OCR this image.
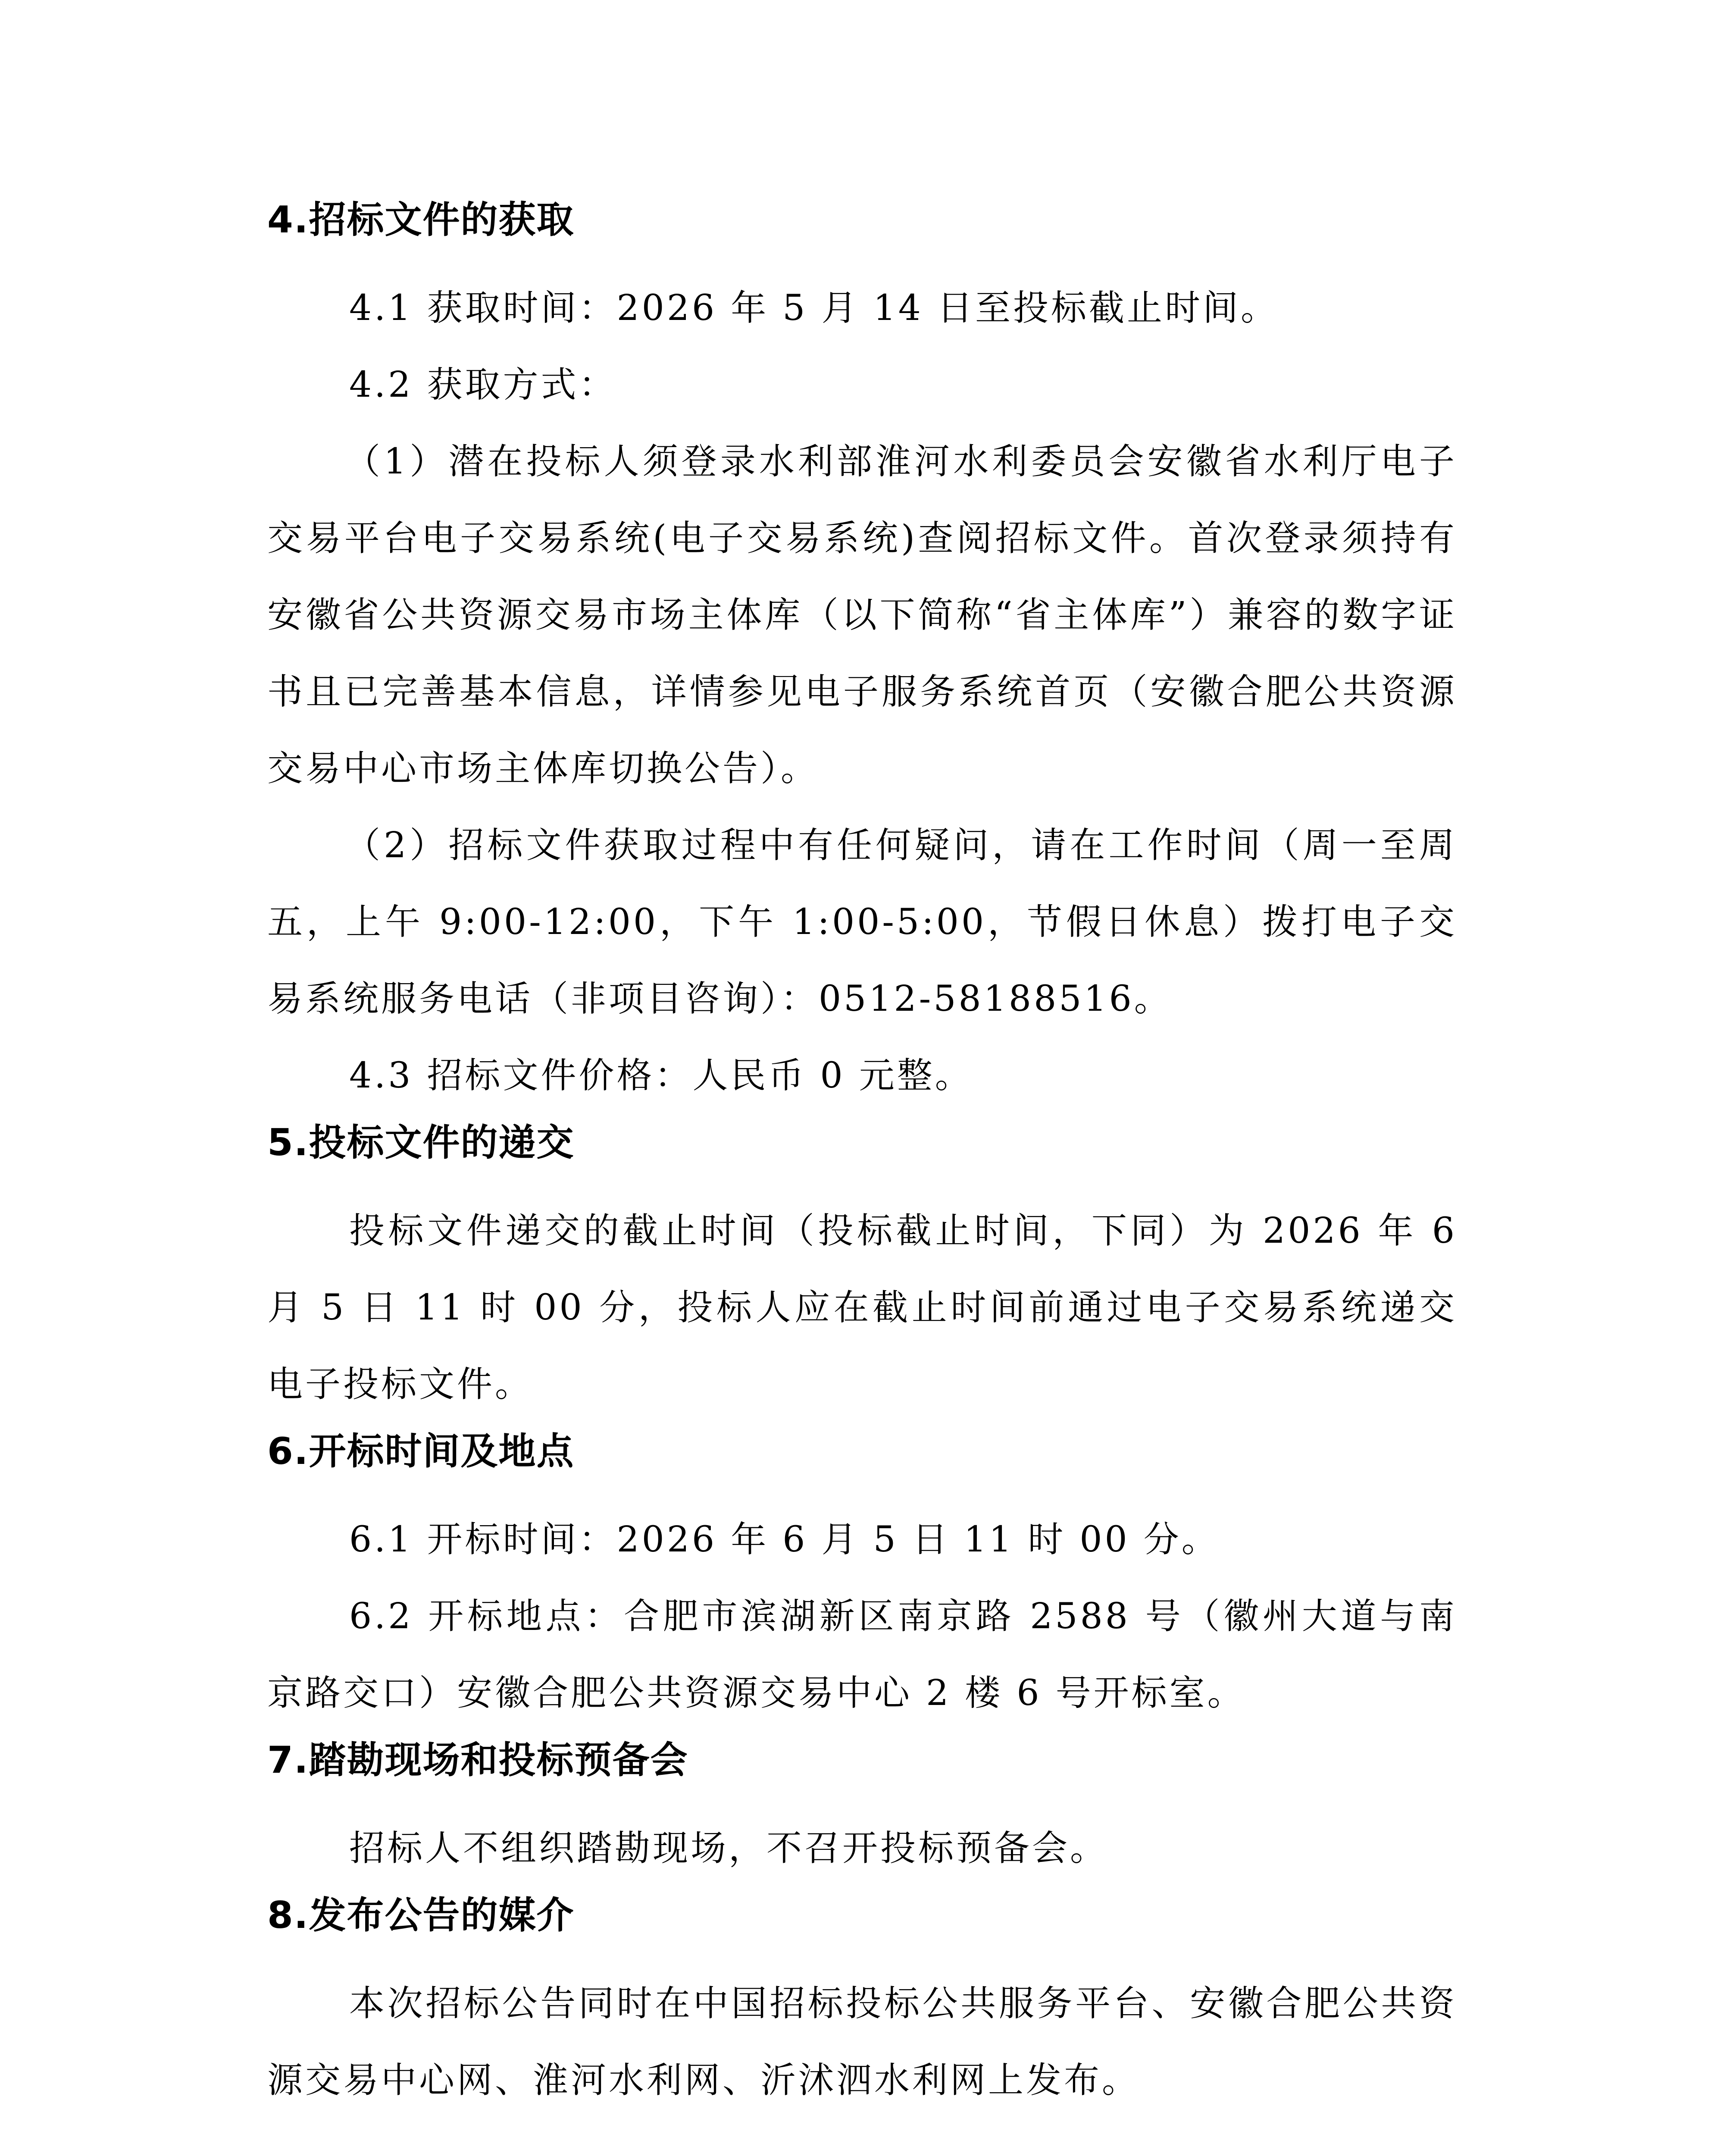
4.招标文件的获取

4.1 获取时间：2026 年 5 月 14 日至投标截止时间。

4.2 获取方式：

（1）潜在投标人须登录水利部淮河水利委员会安徽省水利厅电子交易平台电子交易系统(电子交易系统)查阅招标文件。首次登录须持有安徽省公共资源交易市场主体库（以下简称“省主体库”）兼容的数字证书且已完善基本信息，详情参见电子服务系统首页（安徽合肥公共资源交易中心市场主体库切换公告）。

（2）招标文件获取过程中有任何疑问，请在工作时间（周一至周五，上午 9:00-12:00，下午 1:00-5:00，节假日休息）拨打电子交易系统服务电话（非项目咨询）：0512-58188516。

4.3 招标文件价格：人民币 0 元整。

5.投标文件的递交

投标文件递交的截止时间（投标截止时间，下同）为 2026 年 6 月 5 日 11 时 00 分，投标人应在截止时间前通过电子交易系统递交电子投标文件。

6.开标时间及地点

6.1 开标时间：2026 年 6 月 5 日 11 时 00 分。

6.2 开标地点：合肥市滨湖新区南京路 2588 号（徽州大道与南京路交口）安徽合肥公共资源交易中心 2 楼 6 号开标室。

7.踏勘现场和投标预备会

招标人不组织踏勘现场，不召开投标预备会。

8.发布公告的媒介

本次招标公告同时在中国招标投标公共服务平台、安徽合肥公共资源交易中心网、淮河水利网、沂沭泗水利网上发布。
